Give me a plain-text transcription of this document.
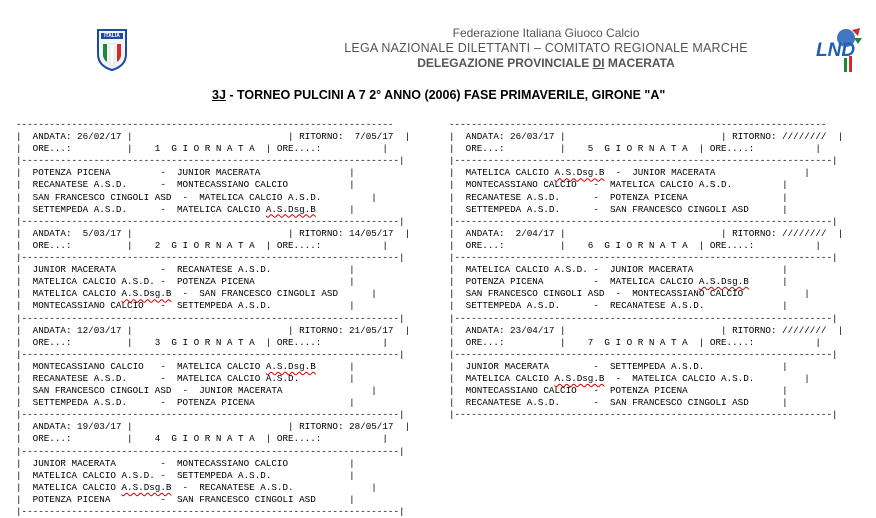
ITALIA
LND
Federazione Italiana Giuoco Calcio
LEGA NAZIONALE DILETTANTI – COMITATO REGIONALE MARCHE
DELEGAZIONE PROVINCIALE DI MACERATA
3J - TORNEO PULCINI A 7 2° ANNO (2006) FASE PRIMAVERILE, GIRONE "A"
--------------------------------------------------------------------
|  ANDATA: 26/02/17 |                            | RITORNO:  7/05/17  |
|  ORE...:          |    1  G I O R N A T A  | ORE....:           |
|--------------------------------------------------------------------|
|  POTENZA PICENA         -  JUNIOR MACERATA                |
|  RECANATESE A.S.D.      -  MONTECASSIANO CALCIO           |
|  SAN FRANCESCO CINGOLI ASD  -  MATELICA CALCIO A.S.D.         |
|  SETTEMPEDA A.S.D.      -  MATELICA CALCIO A.S.Dsg.B      |
|--------------------------------------------------------------------|
|  ANDATA:  5/03/17 |                            | RITORNO: 14/05/17  |
|  ORE...:          |    2  G I O R N A T A  | ORE....:           |
|--------------------------------------------------------------------|
|  JUNIOR MACERATA        -  RECANATESE A.S.D.              |
|  MATELICA CALCIO A.S.D. -  POTENZA PICENA                 |
|  MATELICA CALCIO A.S.Dsg.B  -  SAN FRANCESCO CINGOLI ASD      |
|  MONTECASSIANO CALCIO   -  SETTEMPEDA A.S.D.              |
|--------------------------------------------------------------------|
|  ANDATA: 12/03/17 |                            | RITORNO: 21/05/17  |
|  ORE...:          |    3  G I O R N A T A  | ORE....:           |
|--------------------------------------------------------------------|
|  MONTECASSIANO CALCIO   -  MATELICA CALCIO A.S.Dsg.B      |
|  RECANATESE A.S.D.      -  MATELICA CALCIO A.S.D.         |
|  SAN FRANCESCO CINGOLI ASD  -  JUNIOR MACERATA                |
|  SETTEMPEDA A.S.D.      -  POTENZA PICENA                 |
|--------------------------------------------------------------------|
|  ANDATA: 19/03/17 |                            | RITORNO: 28/05/17  |
|  ORE...:          |    4  G I O R N A T A  | ORE....:           |
|--------------------------------------------------------------------|
|  JUNIOR MACERATA        -  MONTECASSIANO CALCIO           |
|  MATELICA CALCIO A.S.D. -  SETTEMPEDA A.S.D.              |
|  MATELICA CALCIO A.S.Dsg.B  -  RECANATESE A.S.D.              |
|  POTENZA PICENA         -  SAN FRANCESCO CINGOLI ASD      |
|--------------------------------------------------------------------|
--------------------------------------------------------------------
|  ANDATA: 26/03/17 |                            | RITORNO: ////////  |
|  ORE...:          |    5  G I O R N A T A  | ORE....:           |
|--------------------------------------------------------------------|
|  MATELICA CALCIO A.S.Dsg.B  -  JUNIOR MACERATA                |
|  MONTECASSIANO CALCIO   -  MATELICA CALCIO A.S.D.         |
|  RECANATESE A.S.D.      -  POTENZA PICENA                 |
|  SETTEMPEDA A.S.D.      -  SAN FRANCESCO CINGOLI ASD      |
|--------------------------------------------------------------------|
|  ANDATA:  2/04/17 |                            | RITORNO: ////////  |
|  ORE...:          |    6  G I O R N A T A  | ORE....:           |
|--------------------------------------------------------------------|
|  MATELICA CALCIO A.S.D. -  JUNIOR MACERATA                |
|  POTENZA PICENA         -  MATELICA CALCIO A.S.Dsg.B      |
|  SAN FRANCESCO CINGOLI ASD  -  MONTECASSIANO CALCIO           |
|  SETTEMPEDA A.S.D.      -  RECANATESE A.S.D.              |
|--------------------------------------------------------------------|
|  ANDATA: 23/04/17 |                            | RITORNO: ////////  |
|  ORE...:          |    7  G I O R N A T A  | ORE....:           |
|--------------------------------------------------------------------|
|  JUNIOR MACERATA        -  SETTEMPEDA A.S.D.              |
|  MATELICA CALCIO A.S.Dsg.B  -  MATELICA CALCIO A.S.D.         |
|  MONTECASSIANO CALCIO   -  POTENZA PICENA                 |
|  RECANATESE A.S.D.      -  SAN FRANCESCO CINGOLI ASD      |
|--------------------------------------------------------------------|
